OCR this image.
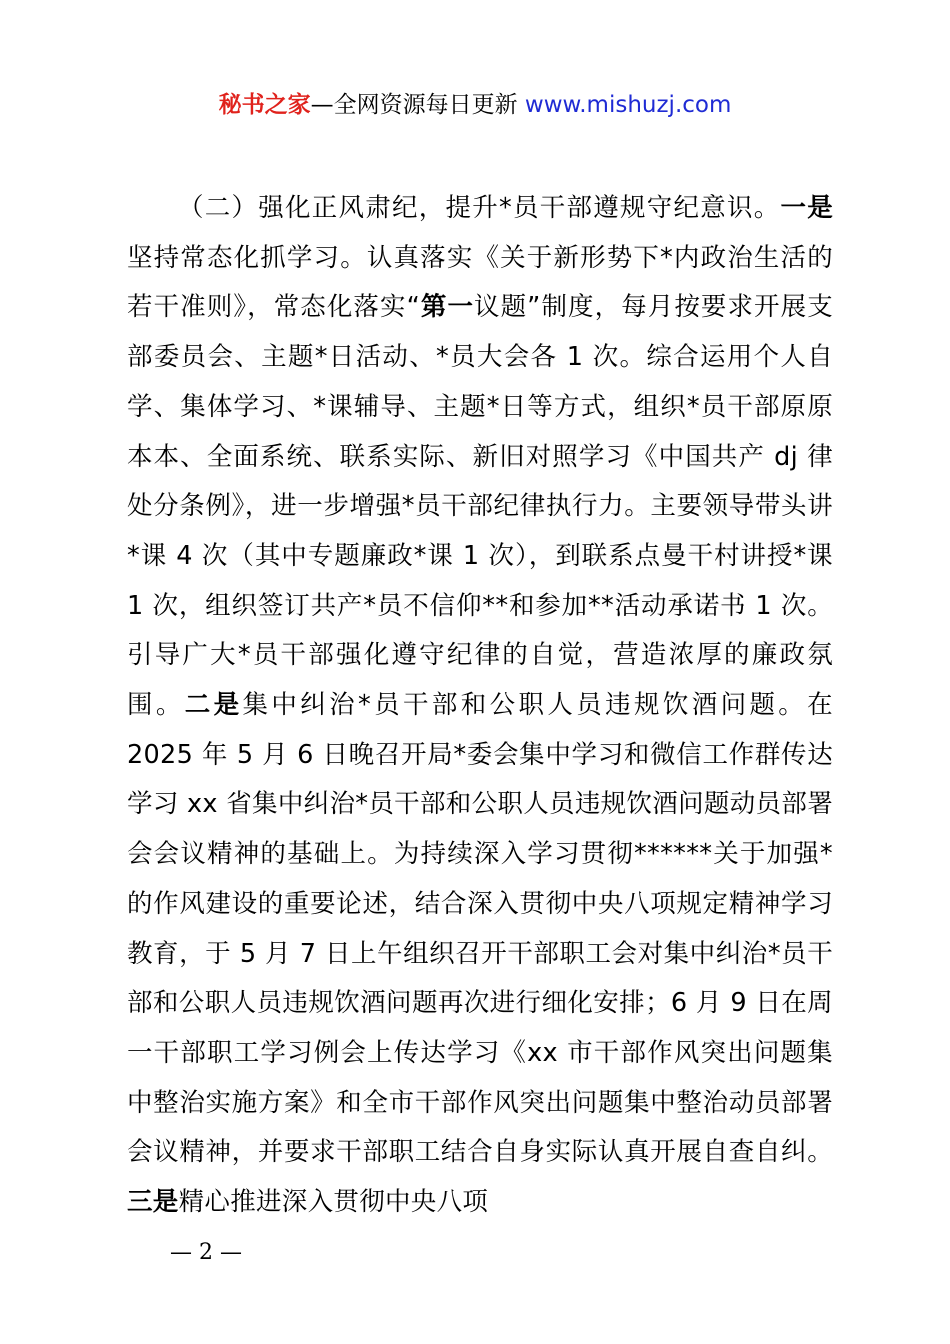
秘书之家—全网资源每日更新 www.mishuzj.com

（二）强化正风肃纪，提升*员干部遵规守纪意识。一是坚持常态化抓学习。认真落实《关于新形势下*内政治生活的若干准则》，常态化落实“第一议题”制度，每月按要求开展支部委员会、主题*日活动、*员大会各 1 次。综合运用个人自学、集体学习、*课辅导、主题*日等方式，组织*员干部原原本本、全面系统、联系实际、新旧对照学习《中国共产 dj 律处分条例》，进一步增强*员干部纪律执行力。主要领导带头讲*课 4 次（其中专题廉政*课 1 次），到联系点曼干村讲授*课 1 次，组织签订共产*员不信仰**和参加**活动承诺书 1 次。引导广大*员干部强化遵守纪律的自觉，营造浓厚的廉政氛围。二是集中纠治*员干部和公职人员违规饮酒问题。在 2025 年 5 月 6 日晚召开局*委会集中学习和微信工作群传达学习 xx 省集中纠治*员干部和公职人员违规饮酒问题动员部署会会议精神的基础上。为持续深入学习贯彻******关于加强*的作风建设的重要论述，结合深入贯彻中央八项规定精神学习教育，于 5 月 7 日上午组织召开干部职工会对集中纠治*员干部和公职人员违规饮酒问题再次进行细化安排；6 月 9 日在周一干部职工学习例会上传达学习《xx 市干部作风突出问题集中整治实施方案》和全市干部作风突出问题集中整治动员部署会议精神，并要求干部职工结合自身实际认真开展自查自纠。三是精心推进深入贯彻中央八项

— 2 —
